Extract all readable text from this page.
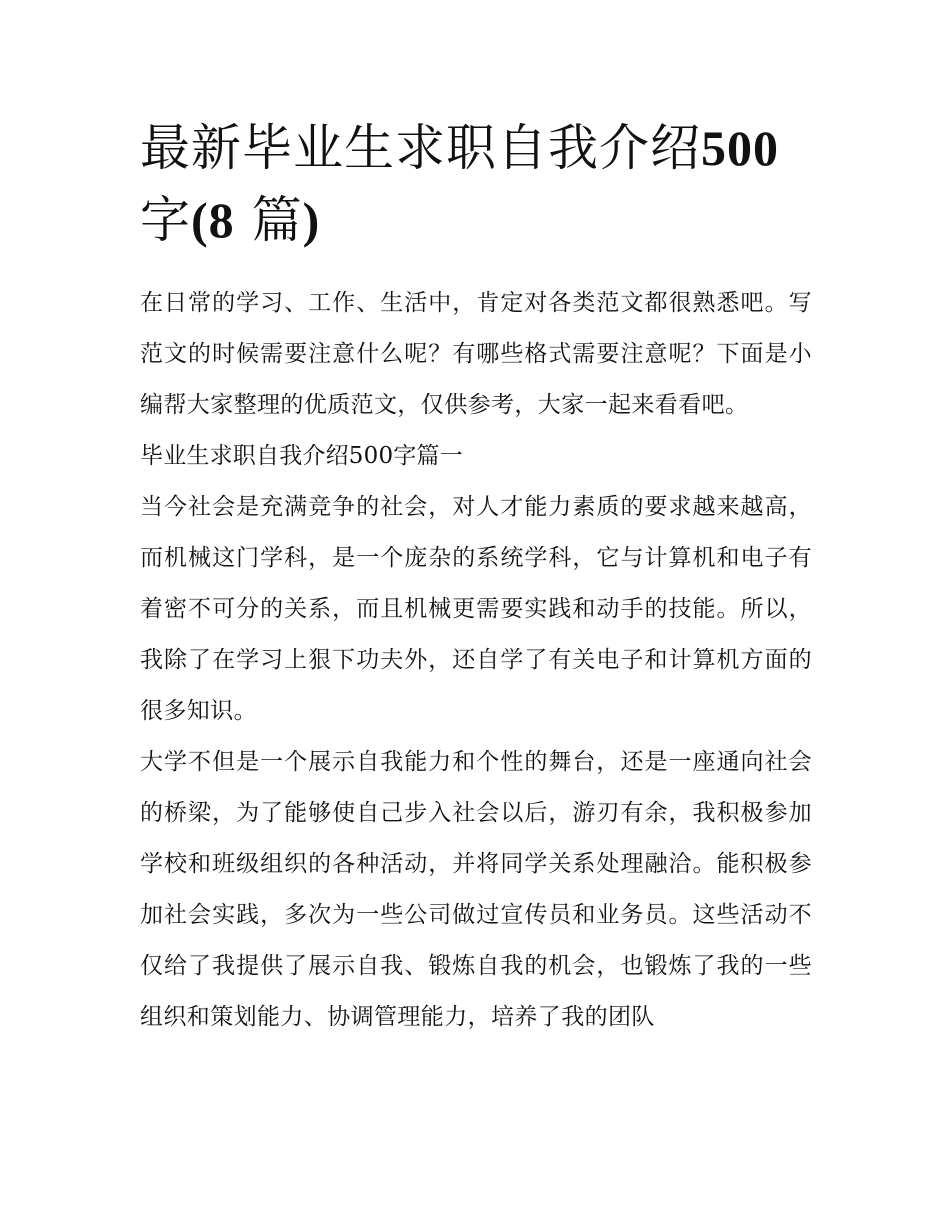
最新毕业生求职自我介绍500
字(8 篇)

在日常的学习、工作、生活中，肯定对各类范文都很熟悉吧。写范文的时候需要注意什么呢？有哪些格式需要注意呢？下面是小编帮大家整理的优质范文，仅供参考，大家一起来看看吧。

毕业生求职自我介绍500字篇一

当今社会是充满竞争的社会，对人才能力素质的要求越来越高，而机械这门学科，是一个庞杂的系统学科，它与计算机和电子有着密不可分的关系，而且机械更需要实践和动手的技能。所以，我除了在学习上狠下功夫外，还自学了有关电子和计算机方面的很多知识。

大学不但是一个展示自我能力和个性的舞台，还是一座通向社会的桥梁，为了能够使自己步入社会以后，游刃有余，我积极参加学校和班级组织的各种活动，并将同学关系处理融洽。能积极参加社会实践，多次为一些公司做过宣传员和业务员。这些活动不仅给了我提供了展示自我、锻炼自我的机会，也锻炼了我的一些组织和策划能力、协调管理能力，培养了我的团队
